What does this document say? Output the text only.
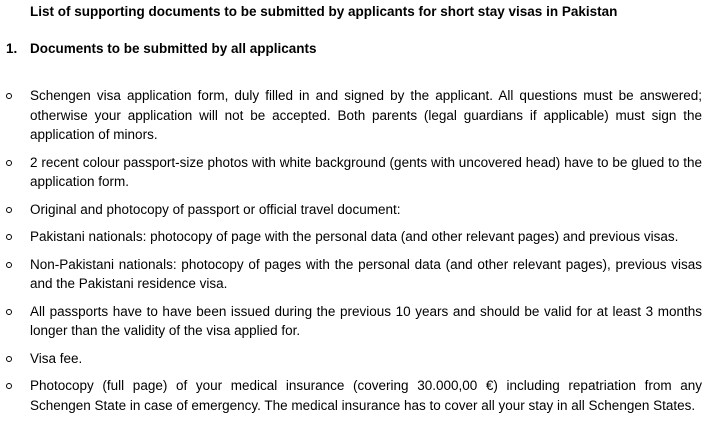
List of supporting documents to be submitted by applicants for short stay visas in Pakistan
1. Documents to be submitted by all applicants
Schengen visa application form, duly filled in and signed by the applicant. All questions must be answered; otherwise your application will not be accepted. Both parents (legal guardians if applicable) must sign the application of minors.
2 recent colour passport-size photos with white background (gents with uncovered head) have to be glued to the application form.
Original and photocopy of passport or official travel document:
Pakistani nationals: photocopy of page with the personal data (and other relevant pages) and previous visas.
Non-Pakistani nationals: photocopy of pages with the personal data (and other relevant pages), previous visas and the Pakistani residence visa.
All passports have to have been issued during the previous 10 years and should be valid for at least 3 months longer than the validity of the visa applied for.
Visa fee.
Photocopy (full page) of your medical insurance (covering 30.000,00 €) including repatriation from any Schengen State in case of emergency. The medical insurance has to cover all your stay in all Schengen States.
